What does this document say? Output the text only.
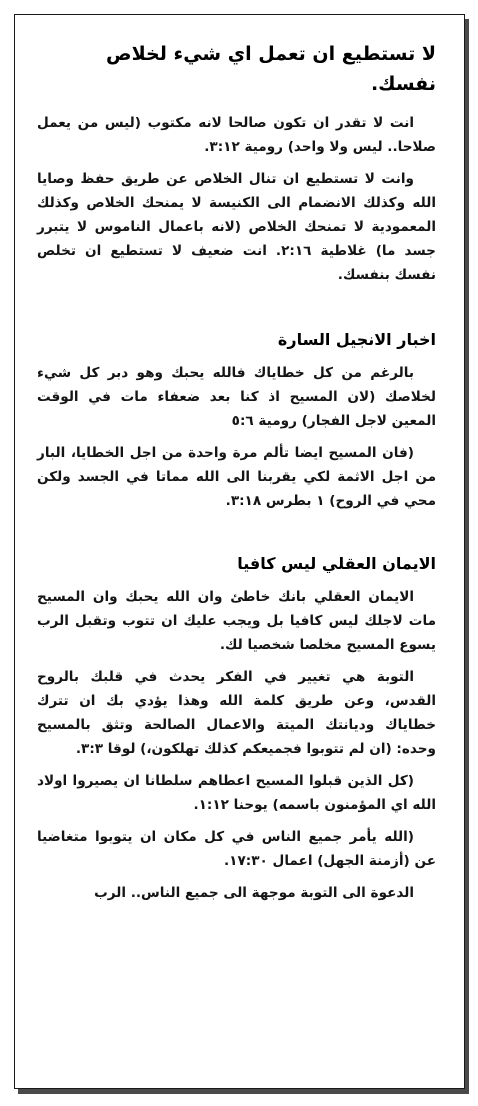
لا تستطيع ان تعمل اي شيء لخلاص نفسك.

انت لا تقدر ان تكون صالحا لانه مكتوب (ليس من يعمل صلاحا.. ليس ولا واحد) رومية ٣:١٢.

وانت لا تستطيع ان تنال الخلاص عن طريق حفظ وصايا الله وكذلك الانضمام الى الكنيسة لا يمنحك الخلاص وكذلك المعمودية لا تمنحك الخلاص (لانه باعمال الناموس لا يتبرر جسد ما) غلاطية ٢:١٦. انت ضعيف لا تستطيع ان تخلص نفسك بنفسك.

اخبار الانجيل السارة

بالرغم من كل خطاياك فالله يحبك وهو دبر كل شيء لخلاصك (لان المسيح اذ كنا بعد ضعفاء مات في الوقت المعين لاجل الفجار) رومية ٥:٦

(فان المسيح ايضا تألم مرة واحدة من اجل الخطايا، البار من اجل الاثمة لكي يقربنا الى الله مماتا في الجسد ولكن محي في الروح) ١ بطرس ٣:١٨.

الايمان العقلي ليس كافيا

الايمان العقلي بانك خاطئ وان الله يحبك وان المسيح مات لاجلك ليس كافيا بل ويجب عليك ان تتوب وتقبل الرب يسوع المسيح مخلصا شخصيا لك.

التوبة هي تغيير في الفكر يحدث في قلبك بالروح القدس، وعن طريق كلمة الله وهذا يؤدي بك ان تترك خطاياك وديانتك الميتة والاعمال الصالحة وتثق بالمسيح وحده: (ان لم تتوبوا فجميعكم كذلك تهلكون،) لوقا ٣:٣.

(كل الذين قبلوا المسيح اعطاهم سلطانا ان يصيروا اولاد الله اي المؤمنون باسمه) يوحنا ١:١٢.

(الله يأمر جميع الناس في كل مكان ان يتوبوا متغاضيا عن (أزمنة الجهل) اعمال ١٧:٣٠.

الدعوة الى التوبة موجهة الى جميع الناس.. الرب
